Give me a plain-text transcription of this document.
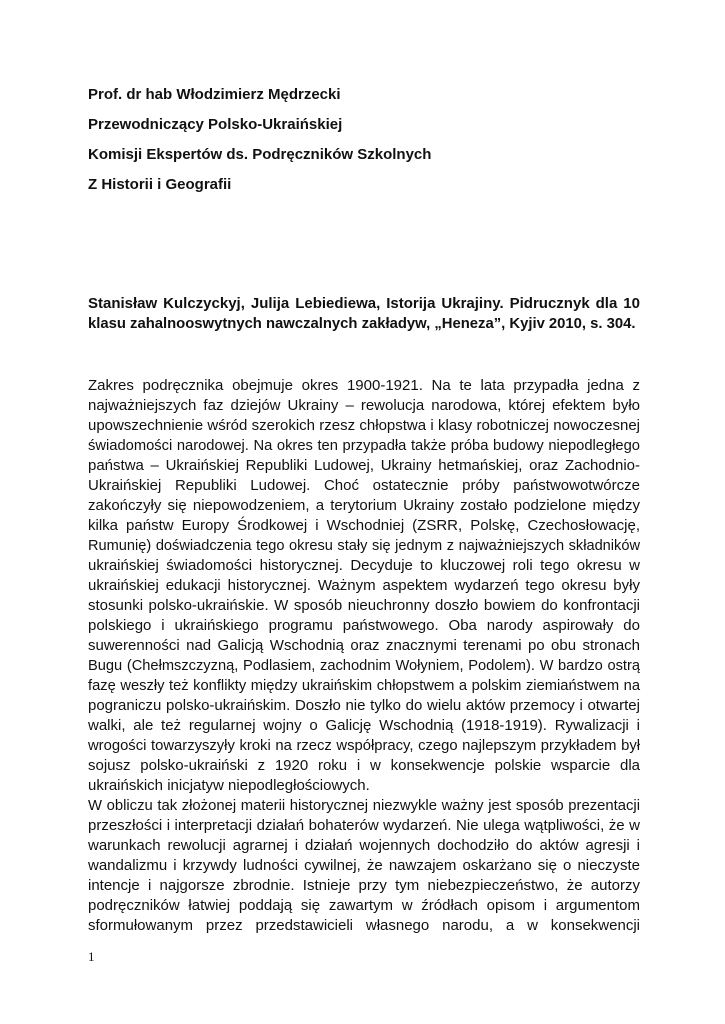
Prof. dr hab Włodzimierz Mędrzecki
Przewodniczący Polsko-Ukraińskiej
Komisji Ekspertów ds. Podręczników Szkolnych
Z Historii i Geografii
Stanisław Kulczyckyj, Julija Lebiediewa, Istorija Ukrajiny. Pidrucznyk dla 10
klasu zahalnooswytnych nawczalnych zakładyw, „Heneza”, Kyjiv 2010, s. 304.
Zakres podręcznika obejmuje okres 1900-1921. Na te lata przypadła jedna z
najważniejszych faz dziejów Ukrainy – rewolucja narodowa, której efektem było
upowszechnienie wśród szerokich rzesz chłopstwa i klasy robotniczej nowoczesnej
świadomości narodowej. Na okres ten przypadła także próba budowy niepodległego
państwa – Ukraińskiej Republiki Ludowej, Ukrainy hetmańskiej, oraz Zachodnio-
Ukraińskiej Republiki Ludowej. Choć ostatecznie próby państwowotwórcze
zakończyły się niepowodzeniem, a terytorium Ukrainy zostało podzielone między
kilka państw Europy Środkowej i Wschodniej (ZSRR, Polskę, Czechosłowację,
Rumunię) doświadczenia tego okresu stały się jednym z najważniejszych składników
ukraińskiej świadomości historycznej. Decyduje to kluczowej roli tego okresu w
ukraińskiej edukacji historycznej. Ważnym aspektem wydarzeń tego okresu były
stosunki polsko-ukraińskie. W sposób nieuchronny doszło bowiem do konfrontacji
polskiego i ukraińskiego programu państwowego. Oba narody aspirowały do
suwerenności nad Galicją Wschodnią oraz znacznymi terenami po obu stronach
Bugu (Chełmszczyzną, Podlasiem, zachodnim Wołyniem, Podolem). W bardzo ostrą
fazę weszły też konflikty między ukraińskim chłopstwem a polskim ziemiaństwem na
pograniczu polsko-ukraińskim. Doszło nie tylko do wielu aktów przemocy i otwartej
walki, ale też regularnej wojny o Galicję Wschodnią (1918-1919). Rywalizacji i
wrogości towarzyszyły kroki na rzecz współpracy, czego najlepszym przykładem był
sojusz polsko-ukraiński z 1920 roku i w konsekwencje polskie wsparcie dla
ukraińskich inicjatyw niepodległościowych.
W obliczu tak złożonej materii historycznej niezwykle ważny jest sposób prezentacji
przeszłości i interpretacji działań bohaterów wydarzeń. Nie ulega wątpliwości, że w
warunkach rewolucji agrarnej i działań wojennych dochodziło do aktów agresji i
wandalizmu i krzywdy ludności cywilnej, że nawzajem oskarżano się o nieczyste
intencje i najgorsze zbrodnie. Istnieje przy tym niebezpieczeństwo, że autorzy
podręczników łatwiej poddają się zawartym w źródłach opisom i argumentom
sformułowanym przez przedstawicieli własnego narodu, a w konsekwencji
1
